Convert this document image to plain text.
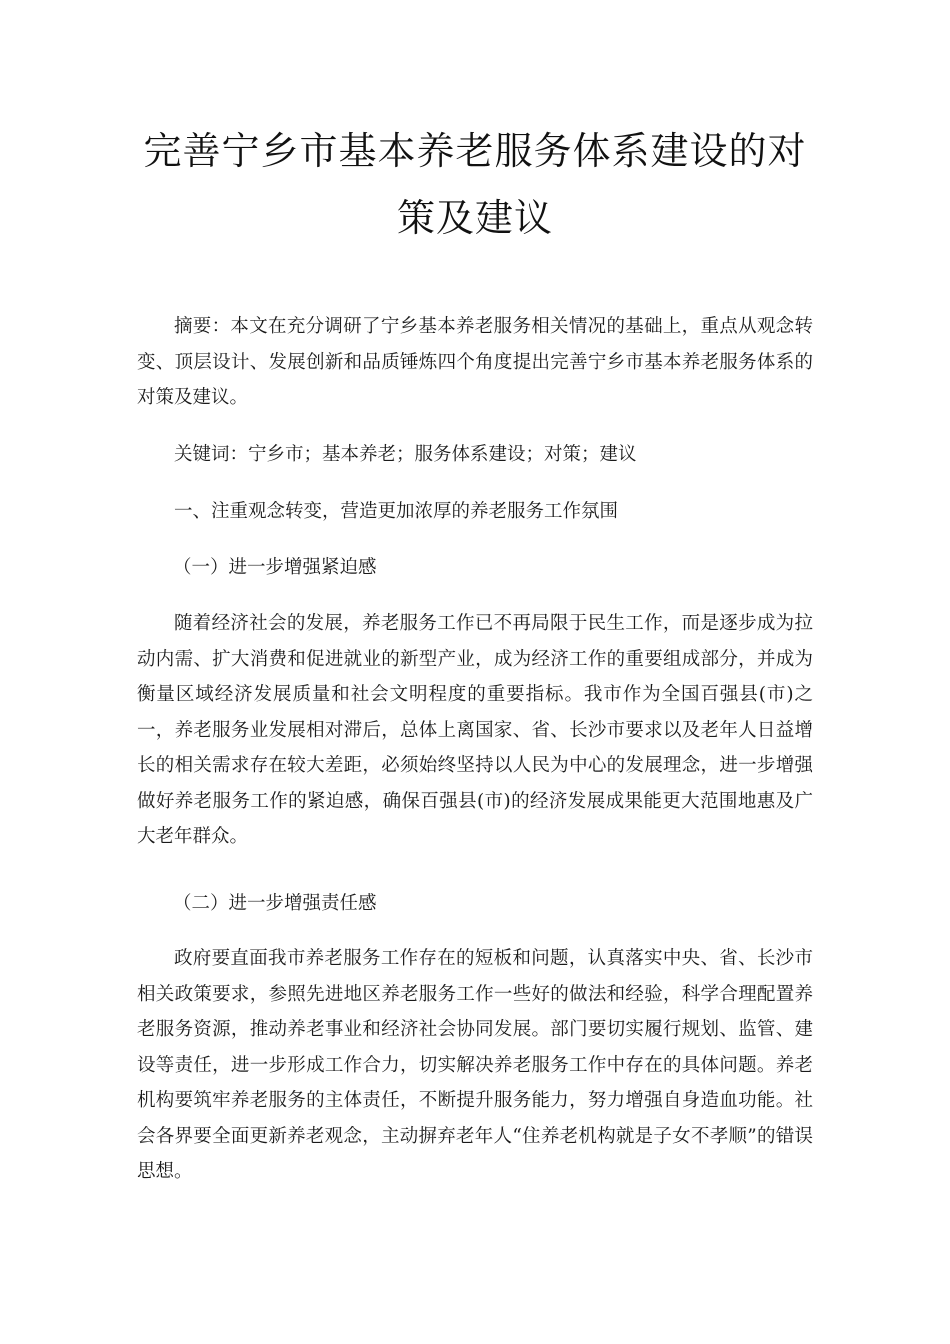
完善宁乡市基本养老服务体系建设的对
策及建议

摘要：本文在充分调研了宁乡基本养老服务相关情况的基础上，重点从观念转变、顶层设计、发展创新和品质锤炼四个角度提出完善宁乡市基本养老服务体系的对策及建议。

关键词：宁乡市；基本养老；服务体系建设；对策；建议

一、注重观念转变，营造更加浓厚的养老服务工作氛围

（一）进一步增强紧迫感

随着经济社会的发展，养老服务工作已不再局限于民生工作，而是逐步成为拉动内需、扩大消费和促进就业的新型产业，成为经济工作的重要组成部分，并成为衡量区域经济发展质量和社会文明程度的重要指标。我市作为全国百强县(市)之一，养老服务业发展相对滞后，总体上离国家、省、长沙市要求以及老年人日益增长的相关需求存在较大差距，必须始终坚持以人民为中心的发展理念，进一步增强做好养老服务工作的紧迫感，确保百强县(市)的经济发展成果能更大范围地惠及广大老年群众。

（二）进一步增强责任感

政府要直面我市养老服务工作存在的短板和问题，认真落实中央、省、长沙市相关政策要求，参照先进地区养老服务工作一些好的做法和经验，科学合理配置养老服务资源，推动养老事业和经济社会协同发展。部门要切实履行规划、监管、建设等责任，进一步形成工作合力，切实解决养老服务工作中存在的具体问题。养老机构要筑牢养老服务的主体责任，不断提升服务能力，努力增强自身造血功能。社会各界要全面更新养老观念，主动摒弃老年人“住养老机构就是子女不孝顺”的错误思想。
